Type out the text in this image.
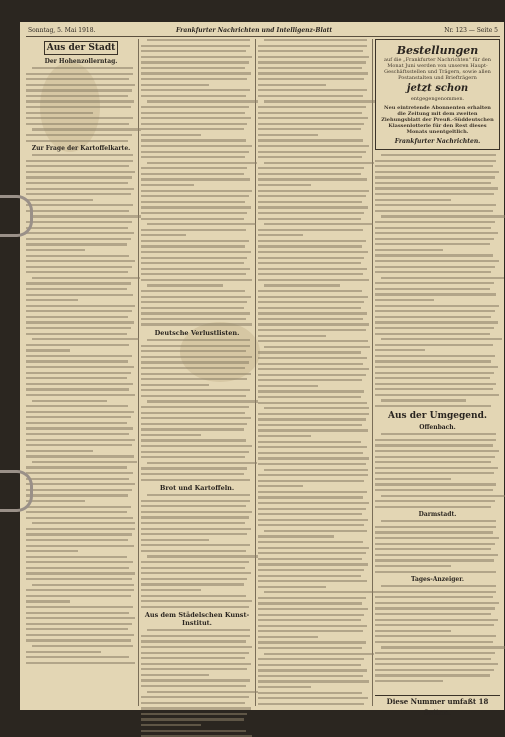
Sonntag, 5. Mai 1918.	Frankfurter Nachrichten und Intelligenz-Blatt	Nr. 123 — Seite 5
Aus der Stadt
Der Hohenzollerntag.
Zur Frage der Kartoffelkarte.
Deutsche Verlustlisten.
Brot und Kartoffeln.
Aus dem Städelschen Kunst-Institut.
Bestellungen
auf die „Frankfurter Nachrichten" für den Monat Juni werden von unseren Haupt-Geschäftsstellen und Trägern, sowie allen Postanstalten und Briefträgern
jetzt schon
entgegengenommen.
Neu eintretende Abonnenten erhalten die Zeitung mit dem zweiten Ziehungsblatt der Preuß.-Süddeutschen Klassenlotterie für den Rest dieses Monats unentgeltlich.
Frankfurter Nachrichten.
Aus der Umgegend.
Offenbach.
Darmstadt.
Tages-Anzeiger.
Diese Nummer umfaßt 18 Seiten.
